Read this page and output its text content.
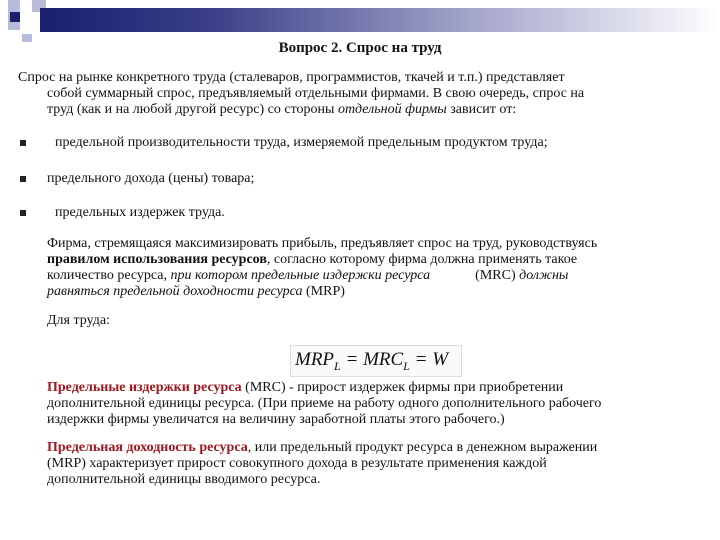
Вопрос 2. Спрос на труд
Спрос на рынке конкретного труда (сталеваров, программистов, ткачей и т.п.) представляет
собой суммарный спрос, предъявляемый отдельными фирмами. В свою очередь, спрос на
труд (как и на любой другой ресурс) со стороны отдельной фирмы зависит от:
предельной производительности труда, измеряемой предельным продуктом труда;
предельного дохода (цены) товара;
предельных издержек труда.
Фирма, стремящаяся максимизировать прибыль, предъявляет спрос на труд, руководствуясь
правилом использования ресурсов, согласно которому фирма должна применять такое
количество ресурса, при котором предельные издержки ресурса	(MRC) должны
равняться предельной доходности ресурса (MRP)
Для труда:
$MRP_L = MRC_L = W$
Предельные издержки ресурса (MRC) - прирост издержек фирмы при приобретении
дополнительной единицы ресурса. (При приеме на работу одного дополнительного рабочего
издержки фирмы увеличатся на величину заработной платы этого рабочего.)
Предельная доходность ресурса, или предельный продукт ресурса в денежном выражении
(MRP) характеризует прирост совокупного дохода в результате применения каждой
дополнительной единицы вводимого ресурса.
